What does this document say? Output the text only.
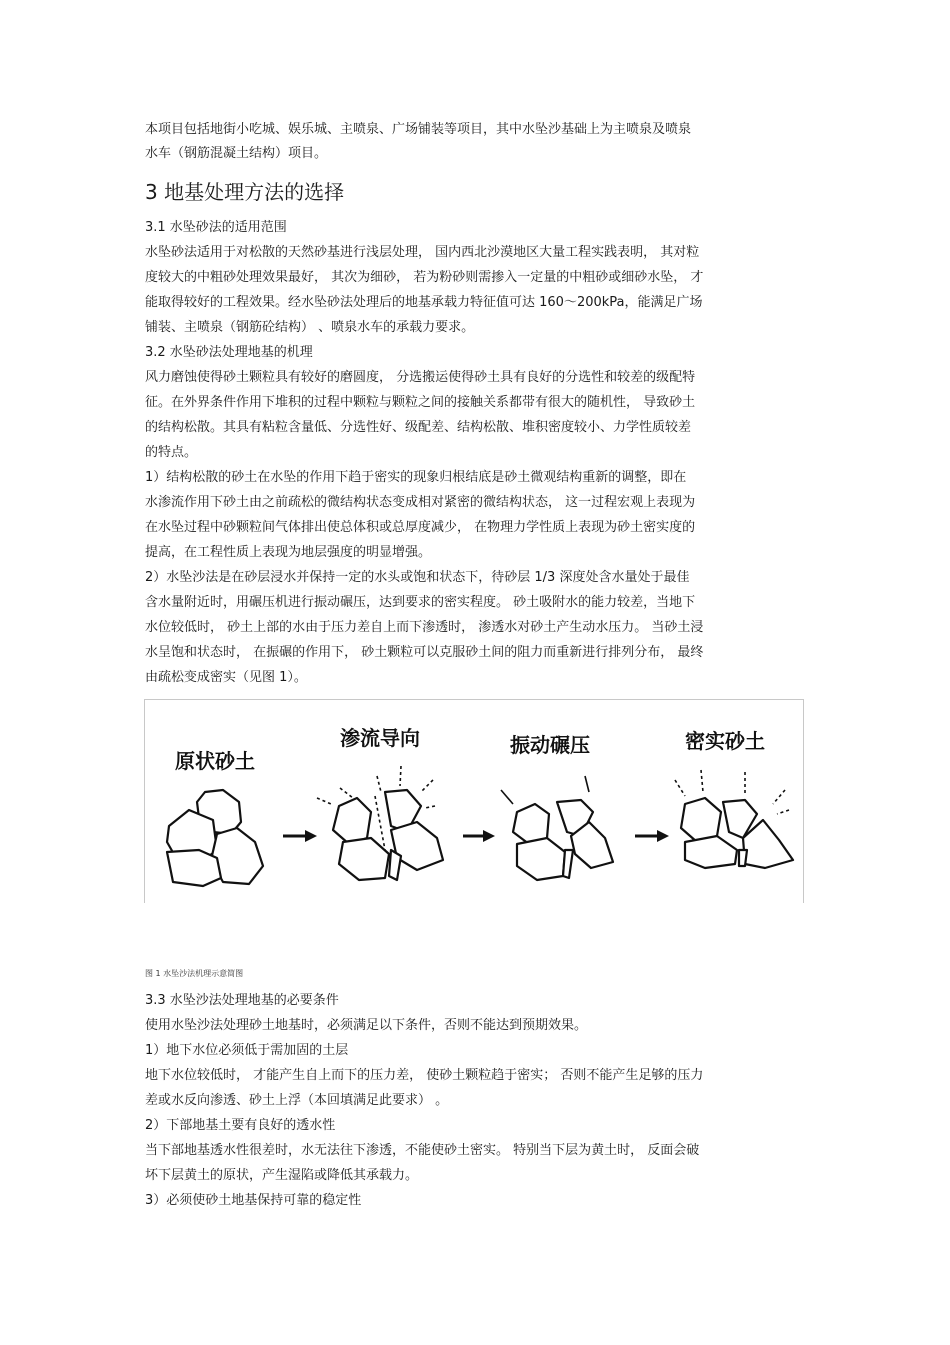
本项目包括地街小吃城、娱乐城、主喷泉、广场铺装等项目，其中水坠沙基础上为主喷泉及喷泉
水车（钢筋混凝土结构）项目。
3 地基处理方法的选择
3.1 水坠砂法的适用范围
水坠砂法适用于对松散的天然砂基进行浅层处理， 国内西北沙漠地区大量工程实践表明， 其对粒
度较大的中粗砂处理效果最好， 其次为细砂， 若为粉砂则需掺入一定量的中粗砂或细砂水坠， 才
能取得较好的工程效果。经水坠砂法处理后的地基承载力特征值可达 160～200kPa，能满足广场
铺装、主喷泉（钢筋砼结构） 、喷泉水车的承载力要求。
3.2 水坠砂法处理地基的机理
风力磨蚀使得砂土颗粒具有较好的磨圆度， 分选搬运使得砂土具有良好的分选性和较差的级配特
征。在外界条件作用下堆积的过程中颗粒与颗粒之间的接触关系都带有很大的随机性， 导致砂土
的结构松散。其具有粘粒含量低、分选性好、级配差、结构松散、堆积密度较小、力学性质较差
的特点。
1）结构松散的砂土在水坠的作用下趋于密实的现象归根结底是砂土微观结构重新的调整，即在
水渗流作用下砂土由之前疏松的微结构状态变成相对紧密的微结构状态， 这一过程宏观上表现为
在水坠过程中砂颗粒间气体排出使总体积或总厚度减少， 在物理力学性质上表现为砂土密实度的
提高，在工程性质上表现为地层强度的明显增强。
2）水坠沙法是在砂层浸水并保持一定的水头或饱和状态下，待砂层 1/3 深度处含水量处于最佳
含水量附近时，用碾压机进行振动碾压，达到要求的密实程度。 砂土吸附水的能力较差，当地下
水位较低时， 砂土上部的水由于压力差自上而下渗透时， 渗透水对砂土产生动水压力。 当砂土浸
水呈饱和状态时， 在振碾的作用下， 砂土颗粒可以克服砂土间的阻力而重新进行排列分布， 最终
由疏松变成密实（见图 1）。
原状砂土
渗流导向	振动碾压	密实砂土
图 1 水坠沙法机理示意简图
3.3 水坠沙法处理地基的必要条件
使用水坠沙法处理砂土地基时，必须满足以下条件，否则不能达到预期效果。
1）地下水位必须低于需加固的土层
地下水位较低时， 才能产生自上而下的压力差， 使砂土颗粒趋于密实； 否则不能产生足够的压力
差或水反向渗透、砂土上浮（本回填满足此要求） 。
2）下部地基土要有良好的透水性
当下部地基透水性很差时，水无法往下渗透，不能使砂土密实。 特别当下层为黄土时， 反面会破
坏下层黄土的原状，产生湿陷或降低其承载力。
3）必须使砂土地基保持可靠的稳定性
